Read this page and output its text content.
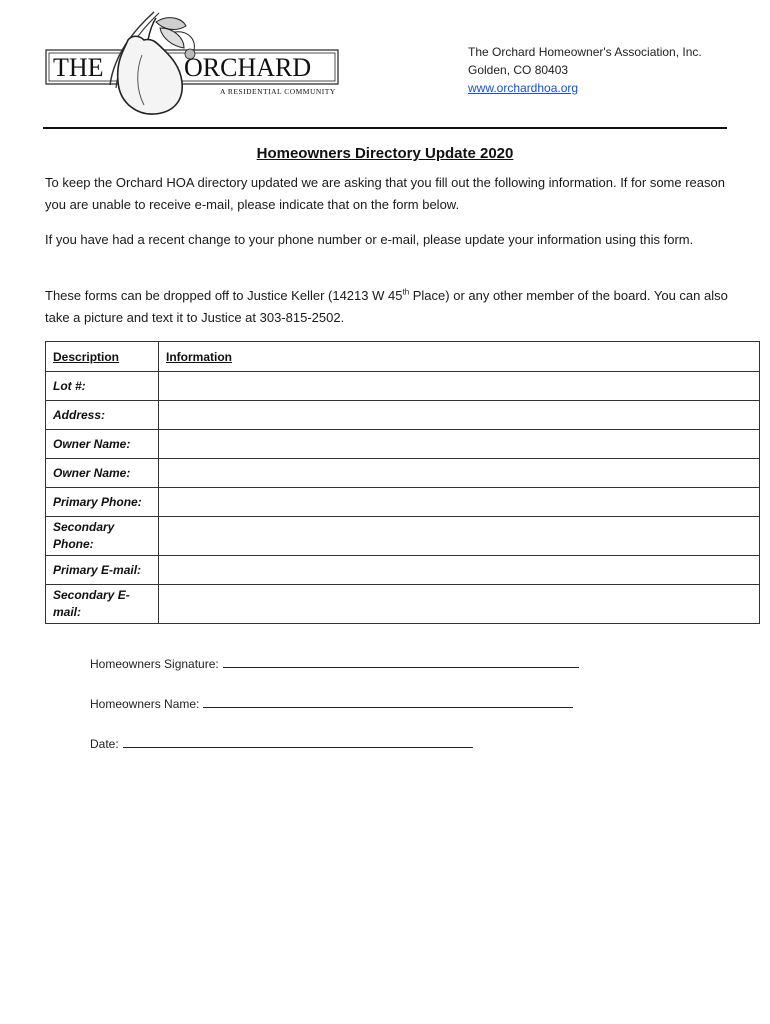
THE	ORCHARD
A RESIDENTIAL COMMUNITY
The Orchard Homeowner's Association, Inc.
Golden, CO 80403
www.orchardhoa.org
Homeowners Directory Update 2020
To keep the Orchard HOA directory updated we are asking that you fill out the following information. If for some reason you are unable to receive e-mail, please indicate that on the form below.
If you have had a recent change to your phone number or e-mail, please update your information using this form.
These forms can be dropped off to Justice Keller (14213 W 45th Place) or any other member of the board. You can also take a picture and text it to Justice at 303-815-2502.
Description	Information
Lot #:	
Address:	
Owner Name:	
Owner Name:	
Primary Phone:	
Secondary Phone:	
Primary E-mail:	
Secondary E-mail:	
Homeowners Signature:
Homeowners Name:
Date:
